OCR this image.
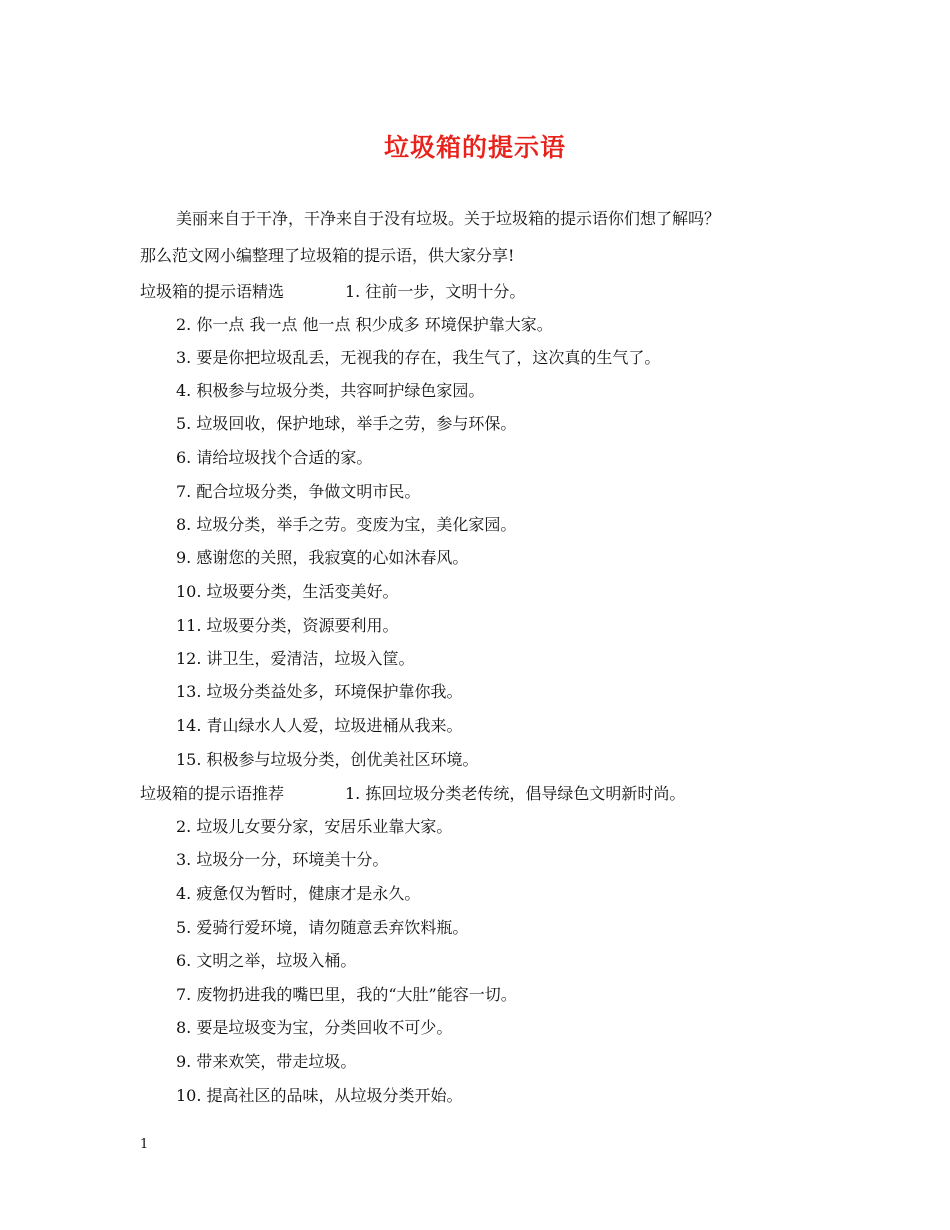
垃圾箱的提示语
美丽来自于干净，干净来自于没有垃圾。关于垃圾箱的提示语你们想了解吗？
那么范文网小编整理了垃圾箱的提示语，供大家分享!
垃圾箱的提示语精选	1. 往前一步，文明十分。
2. 你一点 我一点 他一点 积少成多 环境保护靠大家。
3. 要是你把垃圾乱丢，无视我的存在，我生气了，这次真的生气了。
4. 积极参与垃圾分类，共容呵护绿色家园。
5. 垃圾回收，保护地球，举手之劳，参与环保。
6. 请给垃圾找个合适的家。
7. 配合垃圾分类，争做文明市民。
8. 垃圾分类，举手之劳。变废为宝，美化家园。
9. 感谢您的关照，我寂寞的心如沐春风。
10. 垃圾要分类，生活变美好。
11. 垃圾要分类，资源要利用。
12. 讲卫生，爱清洁，垃圾入筐。
13. 垃圾分类益处多，环境保护靠你我。
14. 青山绿水人人爱，垃圾进桶从我来。
15. 积极参与垃圾分类，创优美社区环境。
垃圾箱的提示语推荐	1. 拣回垃圾分类老传统，倡导绿色文明新时尚。
2. 垃圾儿女要分家，安居乐业靠大家。
3. 垃圾分一分，环境美十分。
4. 疲惫仅为暂时，健康才是永久。
5. 爱骑行爱环境，请勿随意丢弃饮料瓶。
6. 文明之举，垃圾入桶。
7. 废物扔进我的嘴巴里，我的“大肚”能容一切。
8. 要是垃圾变为宝，分类回收不可少。
9. 带来欢笑，带走垃圾。
10. 提高社区的品味，从垃圾分类开始。
1
